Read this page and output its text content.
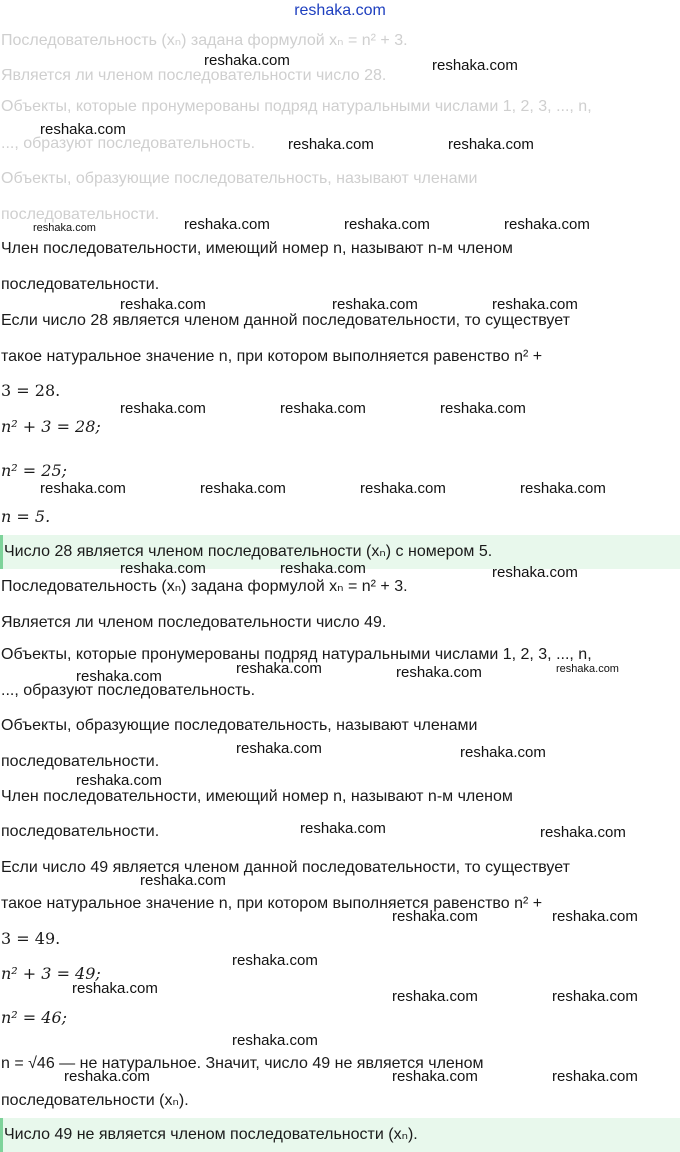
reshaka.com
Последовательность (xₙ) задана формулой xₙ = n² + 3.
Является ли членом последовательности число 28.
Объекты, которые пронумерованы подряд натуральными числами 1, 2, 3, ..., n,
..., образуют последовательность.
Объекты, образующие последовательность, называют членами
последовательности.
Член последовательности, имеющий номер n, называют n-м членом
последовательности.
Если число 28 является членом данной последовательности, то существует
такое натуральное значение n, при котором выполняется равенство n² +
3 = 28.
n² + 3 = 28;
n² = 25;
n = 5.
Число 28 является членом последовательности (xₙ) с номером 5.
Последовательность (xₙ) задана формулой xₙ = n² + 3.
Является ли членом последовательности число 49.
Объекты, которые пронумерованы подряд натуральными числами 1, 2, 3, ..., n,
..., образуют последовательность.
Объекты, образующие последовательность, называют членами
последовательности.
Член последовательности, имеющий номер n, называют n-м членом
последовательности.
Если число 49 является членом данной последовательности, то существует
такое натуральное значение n, при котором выполняется равенство n² +
3 = 49.
n² + 3 = 49;
n² = 46;
n = √46 — не натуральное. Значит, число 49 не является членом
последовательности (xₙ).
Число 49 не является членом последовательности (xₙ).
reshaka.com	reshaka.com
reshaka.com
reshaka.com	reshaka.com
reshaka.com	reshaka.com	reshaka.com	reshaka.com
reshaka.com	reshaka.com	reshaka.com
reshaka.com	reshaka.com	reshaka.com
reshaka.com	reshaka.com	reshaka.com	reshaka.com
reshaka.com	reshaka.com	reshaka.com
reshaka.com
reshaka.com	reshaka.com	reshaka.com
reshaka.com	reshaka.com
reshaka.com
reshaka.com	reshaka.com
reshaka.com
reshaka.com	reshaka.com
reshaka.com
reshaka.com	reshaka.com	reshaka.com
reshaka.com
reshaka.com	reshaka.com	reshaka.com
